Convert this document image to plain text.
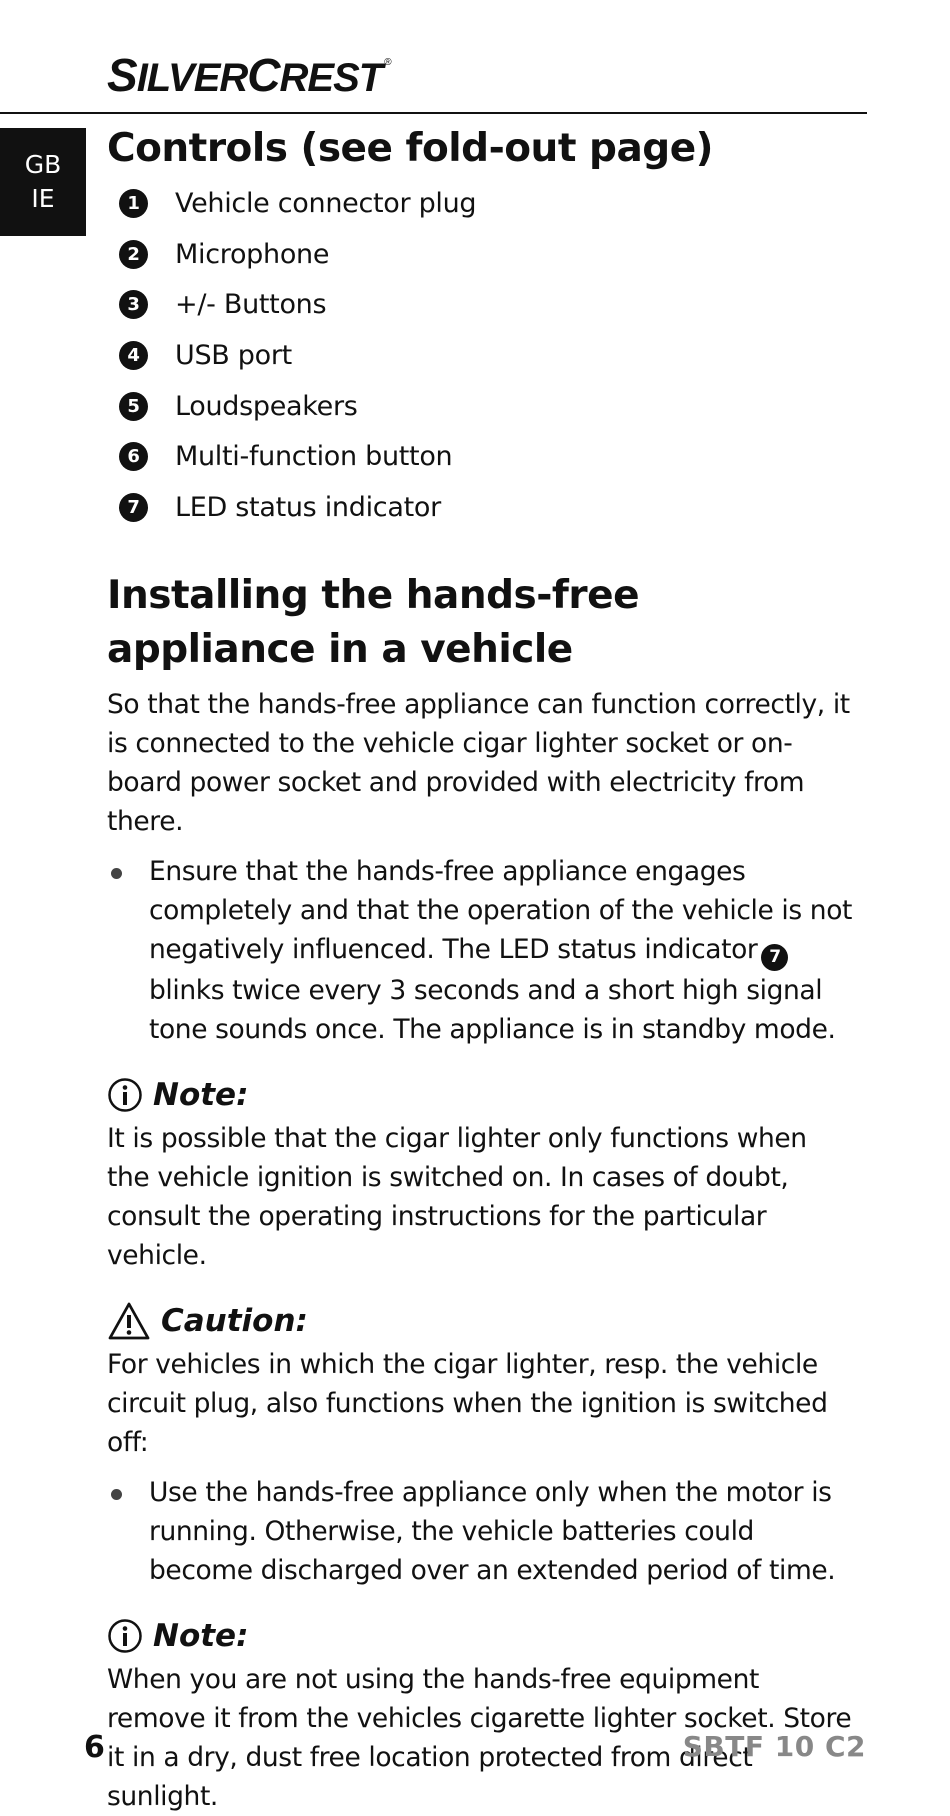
SILVERCREST ®
GB
IE
Controls (see fold-out page)
1	Vehicle connector plug
2	Microphone
3	+/- Buttons
4	USB port
5	Loudspeakers
6	Multi-function button
7	LED status indicator
Installing the hands-free appliance in a vehicle

So that the hands-free appliance can function correctly, it is connected to the vehicle cigar lighter socket or on-board power socket and provided with electricity from there.

Ensure that the hands-free appliance engages completely and that the operation of the vehicle is not negatively influenced. The LED status indicator 7blinks twice every 3 seconds and a short high signal tone sounds once. The appliance is in standby mode.

Note:

It is possible that the cigar lighter only functions when the vehicle ignition is switched on. In cases of doubt, consult the operating instructions for the particular vehicle.

Caution:

For vehicles in which the cigar lighter, resp. the vehicle circuit plug, also functions when the ignition is switched off:

Use the hands-free appliance only when the motor is running. Otherwise, the vehicle batteries could become discharged over an extended period of time.

Note:

When you are not using the hands-free equipment remove it from the vehicles cigarette lighter socket. Store it in a dry, dust free location protected from direct sunlight.

6	SBTF 10 C2
